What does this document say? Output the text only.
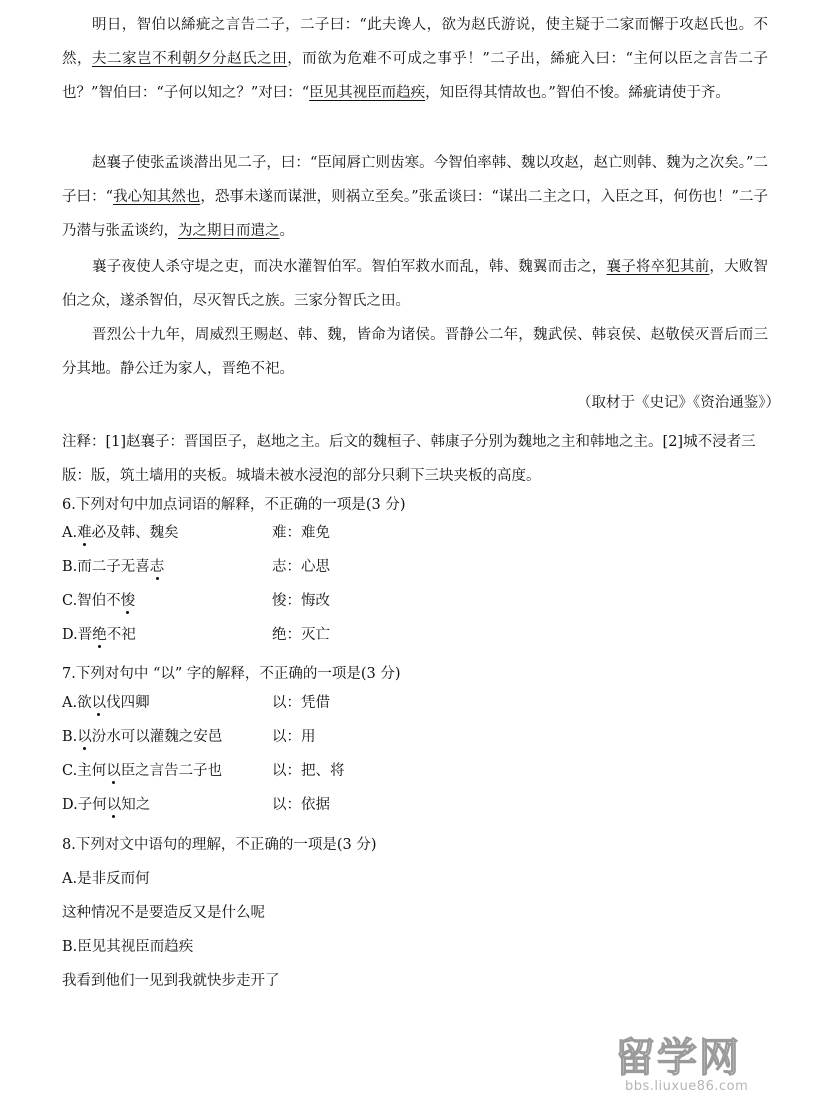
明日，智伯以絺疵之言告二子，二子曰：“此夫谗人，欲为赵氏游说，使主疑于二家而懈于攻赵氏也。不然，夫二家岂不利朝夕分赵氏之田，而欲为危难不可成之事乎！”二子出，絺疵入曰：“主何以臣之言告二子也？”智伯曰：“子何以知之？”对曰：“臣见其视臣而趋疾，知臣得其情故也。”智伯不悛。絺疵请使于齐。

赵襄子使张孟谈潜出见二子，曰：“臣闻唇亡则齿寒。今智伯率韩、魏以攻赵，赵亡则韩、魏为之次矣。”二子曰：“我心知其然也，恐事未遂而谋泄，则祸立至矣。”张孟谈曰：“谋出二主之口，入臣之耳，何伤也！”二子乃潜与张孟谈约，为之期日而遣之。

襄子夜使人杀守堤之吏，而决水灌智伯军。智伯军救水而乱，韩、魏翼而击之，襄子将卒犯其前，大败智伯之众，遂杀智伯，尽灭智氏之族。三家分智氏之田。

晋烈公十九年，周威烈王赐赵、韩、魏，皆命为诸侯。晋静公二年，魏武侯、韩哀侯、赵敬侯灭晋后而三分其地。静公迁为家人，晋绝不祀。

（取材于《史记》《资治通鉴》）

注释：[1]赵襄子：晋国臣子，赵地之主。后文的魏桓子、韩康子分别为魏地之主和韩地之主。[2]城不浸者三版：版，筑土墙用的夹板。城墙未被水浸泡的部分只剩下三块夹板的高度。

6.下列对句中加点词语的解释，不正确的一项是(3 分)
A.难必及韩、魏矣	难：难免
B.而二子无喜志	志：心思
C.智伯不悛	悛：悔改
D.晋绝不祀	绝：灭亡
7.下列对句中 “以” 字的解释，不正确的一项是(3 分)
A.欲以伐四卿	以：凭借
B.以汾水可以灌魏之安邑	以：用
C.主何以臣之言告二子也	以：把、将
D.子何以知之	以：依据
8.下列对文中语句的理解，不正确的一项是(3 分)
A.是非反而何
这种情况不是要造反又是什么呢
B.臣见其视臣而趋疾
我看到他们一见到我就快步走开了
留学网
bbs.liuxue86.com
